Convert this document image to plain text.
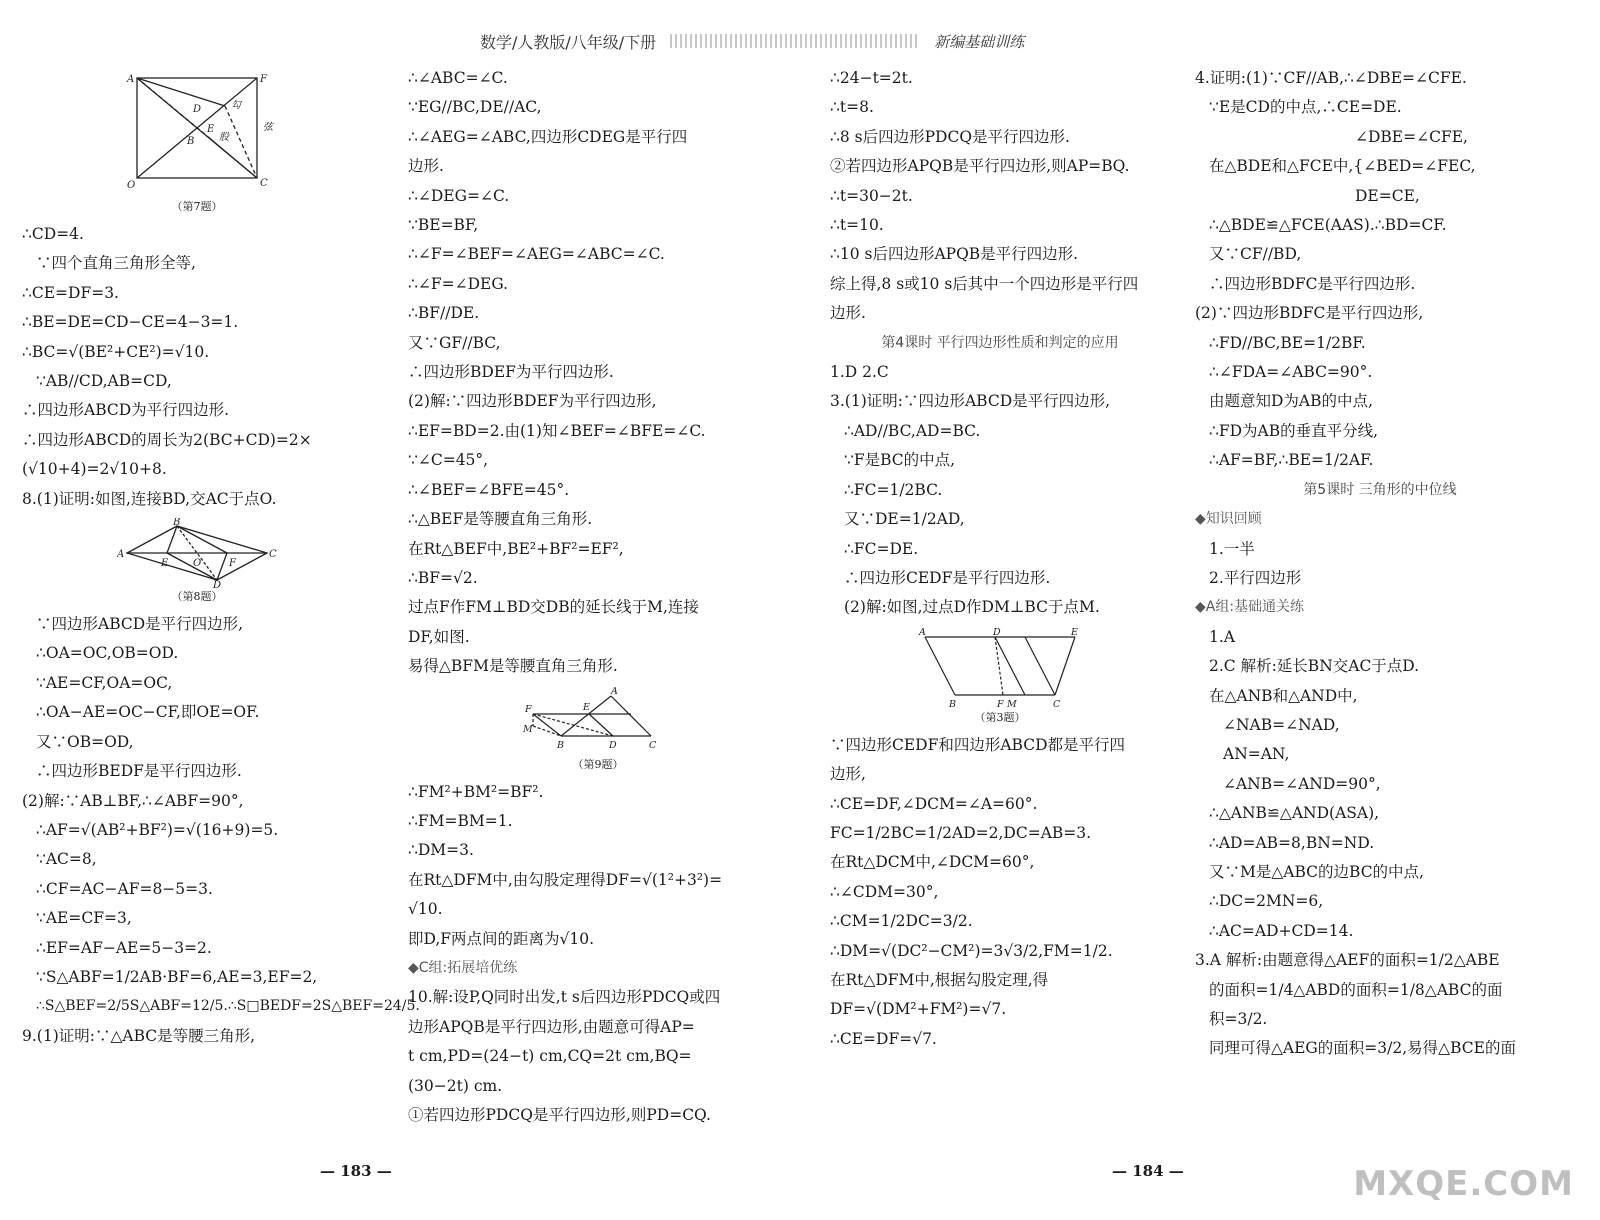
数学/人教版/八年级/下册	新编基础训练
A	F
D	勾
E
股
B
弦
O	C
（第7题）
∴CD=4.
∵四个直角三角形全等,
∴CE=DF=3.
∴BE=DE=CD−CE=4−3=1.
∴BC=√(BE²+CE²)=√10.
∵AB//CD,AB=CD,
∴四边形ABCD为平行四边形.
∴四边形ABCD的周长为2(BC+CD)=2×
(√10+4)=2√10+8.
8.(1)证明:如图,连接BD,交AC于点O.
B
A
E O	F
C
D
（第8题）
∵四边形ABCD是平行四边形,
∴OA=OC,OB=OD.
∵AE=CF,OA=OC,
∴OA−AE=OC−CF,即OE=OF.
又∵OB=OD,
∴四边形BEDF是平行四边形.
(2)解:∵AB⊥BF,∴∠ABF=90°,
∴AF=√(AB²+BF²)=√(16+9)=5.
∵AC=8,
∴CF=AC−AF=8−5=3.
∵AE=CF=3,
∴EF=AF−AE=5−3=2.
∵S△ABF=1/2AB·BF=6,AE=3,EF=2,
∴S△BEF=2/5S△ABF=12/5.∴S□BEDF=2S△BEF=24/5.
9.(1)证明:∵△ABC是等腰三角形,
∴∠ABC=∠C.
∵EG//BC,DE//AC,
∴∠AEG=∠ABC,四边形CDEG是平行四
边形.
∴∠DEG=∠C.
∵BE=BF,
∴∠F=∠BEF=∠AEG=∠ABC=∠C.
∴∠F=∠DEG.
∴BF//DE.
又∵GF//BC,
∴四边形BDEF为平行四边形.
(2)解:∵四边形BDEF为平行四边形,
∴EF=BD=2.由(1)知∠BEF=∠BFE=∠C.
∵∠C=45°,
∴∠BEF=∠BFE=45°.
∴△BEF是等腰直角三角形.
在Rt△BEF中,BE²+BF²=EF²,
∴BF=√2.
过点F作FM⊥BD交DB的延长线于M,连接
DF,如图.
易得△BFM是等腰直角三角形.
A
F	E
M
B	D	C
（第9题）
∴FM²+BM²=BF².
∴FM=BM=1.
∴DM=3.
在Rt△DFM中,由勾股定理得DF=√(1²+3²)=
√10.
即D,F两点间的距离为√10.
◆C组:拓展培优练
10.解:设P,Q同时出发,t s后四边形PDCQ或四
边形APQB是平行四边形,由题意可得AP=
t cm,PD=(24−t) cm,CQ=2t cm,BQ=
(30−2t) cm.
①若四边形PDCQ是平行四边形,则PD=CQ.
∴24−t=2t.
∴t=8.
∴8 s后四边形PDCQ是平行四边形.
②若四边形APQB是平行四边形,则AP=BQ.
∴t=30−2t.
∴t=10.
∴10 s后四边形APQB是平行四边形.
综上得,8 s或10 s后其中一个四边形是平行四
边形.
第4课时 平行四边形性质和判定的应用
1.D 2.C
3.(1)证明:∵四边形ABCD是平行四边形,
∴AD//BC,AD=BC.
∵F是BC的中点,
∴FC=1/2BC.
又∵DE=1/2AD,
∴FC=DE.
∴四边形CEDF是平行四边形.
(2)解:如图,过点D作DM⊥BC于点M.
A	D	E
B	F M	C
（第3题）
∵四边形CEDF和四边形ABCD都是平行四
边形,
∴CE=DF,∠DCM=∠A=60°.
FC=1/2BC=1/2AD=2,DC=AB=3.
在Rt△DCM中,∠DCM=60°,
∴∠CDM=30°,
∴CM=1/2DC=3/2.
∴DM=√(DC²−CM²)=3√3/2,FM=1/2.
在Rt△DFM中,根据勾股定理,得
DF=√(DM²+FM²)=√7.
∴CE=DF=√7.
4.证明:(1)∵CF//AB,∴∠DBE=∠CFE.
∵E是CD的中点,∴CE=DE.
∠DBE=∠CFE,
在△BDE和△FCE中,{∠BED=∠FEC,
DE=CE,
∴△BDE≌△FCE(AAS).∴BD=CF.
又∵CF//BD,
∴四边形BDFC是平行四边形.
(2)∵四边形BDFC是平行四边形,
∴FD//BC,BE=1/2BF.
∴∠FDA=∠ABC=90°.
由题意知D为AB的中点,
∴FD为AB的垂直平分线,
∴AF=BF,∴BE=1/2AF.
第5课时 三角形的中位线
◆知识回顾
1.一半
2.平行四边形
◆A组:基础通关练
1.A
2.C 解析:延长BN交AC于点D.
在△ANB和△AND中,
∠NAB=∠NAD,
AN=AN,
∠ANB=∠AND=90°,
∴△ANB≌△AND(ASA),
∴AD=AB=8,BN=ND.
又∵M是△ABC的边BC的中点,
∴DC=2MN=6,
∴AC=AD+CD=14.
3.A 解析:由题意得△AEF的面积=1/2△ABE
的面积=1/4△ABD的面积=1/8△ABC的面
积=3/2.
同理可得△AEG的面积=3/2,易得△BCE的面
— 183 —	— 184 —	MXQE.COM
